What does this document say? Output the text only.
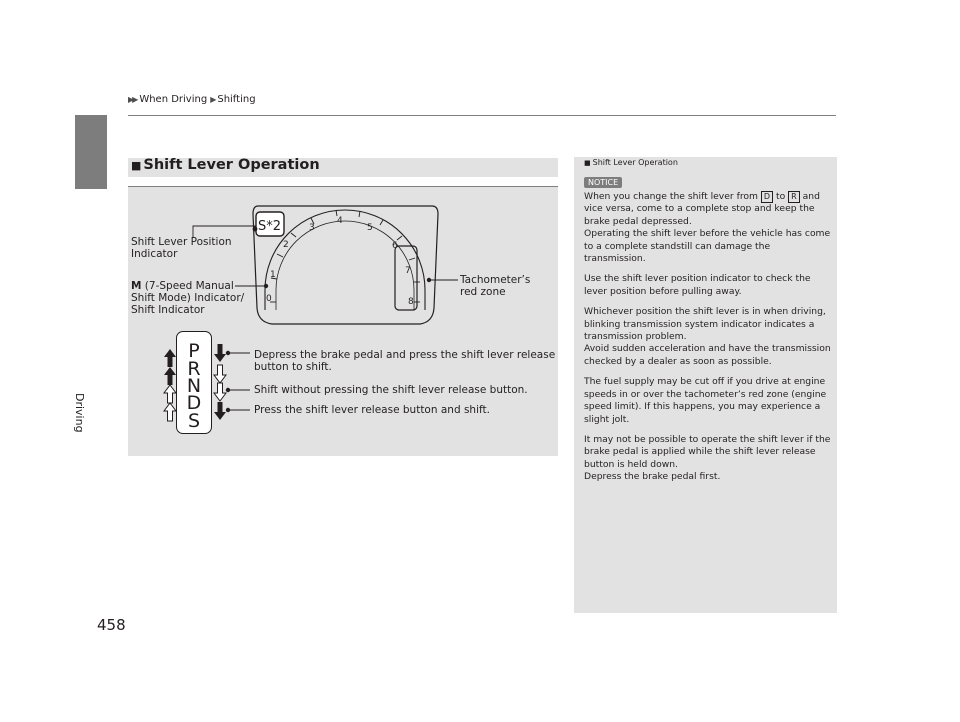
▶▶ When Driving ▶ Shifting
Driving
458
■ Shift Lever Operation
S*2
0
1
2
3
4
5
6
7
8
Shift Lever Position
Indicator
M (7-Speed Manual
Shift Mode) Indicator/
Shift Indicator
Tachometer’s
red zone
P
R
N
D
S
Depress the brake pedal and press the shift lever release
button to shift.
Shift without pressing the shift lever release button.
Press the shift lever release button and shift.
■ Shift Lever Operation
NOTICE

When you change the shift lever from D to R and vice versa, come to a complete stop and keep the brake pedal depressed.
Operating the shift lever before the vehicle has come to a complete standstill can damage the transmission.

Use the shift lever position indicator to check the lever position before pulling away.

Whichever position the shift lever is in when driving, blinking transmission system indicator indicates a transmission problem.
Avoid sudden acceleration and have the transmission checked by a dealer as soon as possible.

The fuel supply may be cut off if you drive at engine speeds in or over the tachometer’s red zone (engine speed limit). If this happens, you may experience a slight jolt.

It may not be possible to operate the shift lever if the brake pedal is applied while the shift lever release button is held down.
Depress the brake pedal first.
